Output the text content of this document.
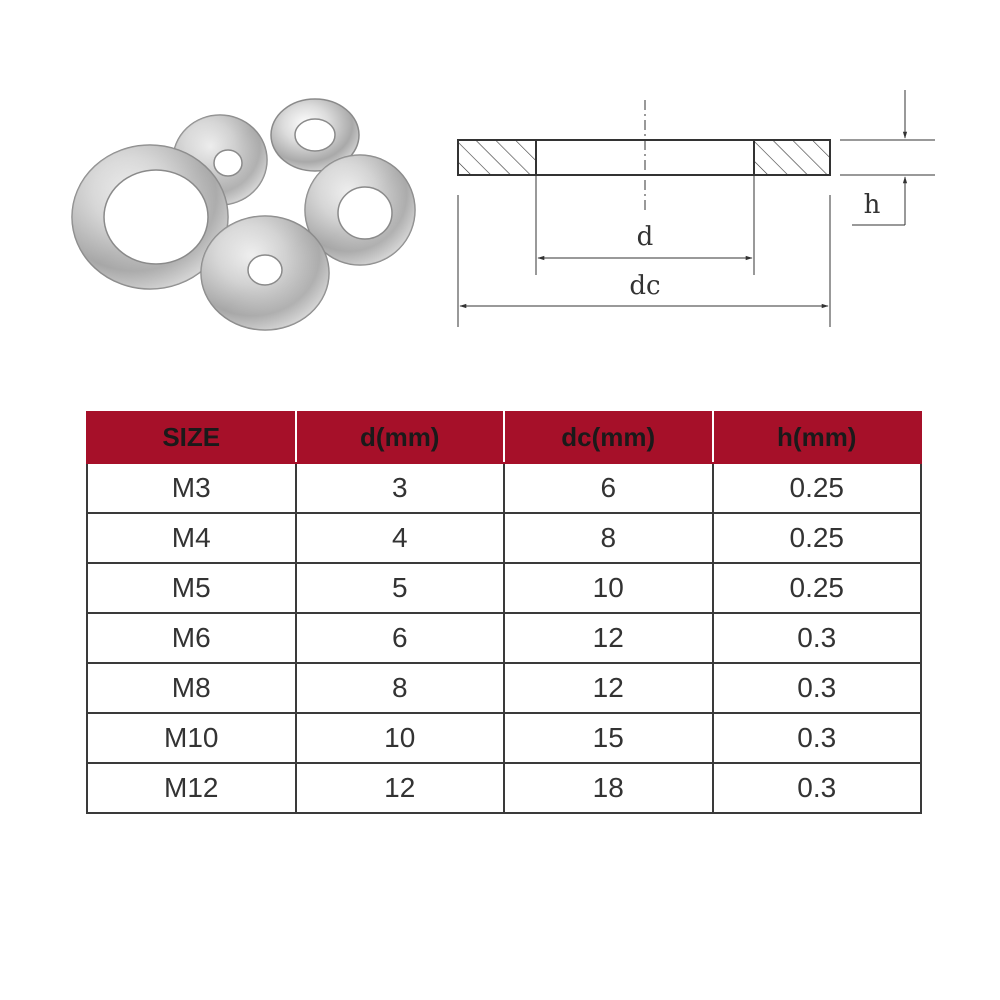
d
dc
h
SIZE	d(mm)	dc(mm)	h(mm)
M3	3	6	0.25
M4	4	8	0.25
M5	5	10	0.25
M6	6	12	0.3
M8	8	12	0.3
M10	10	15	0.3
M12	12	18	0.3
